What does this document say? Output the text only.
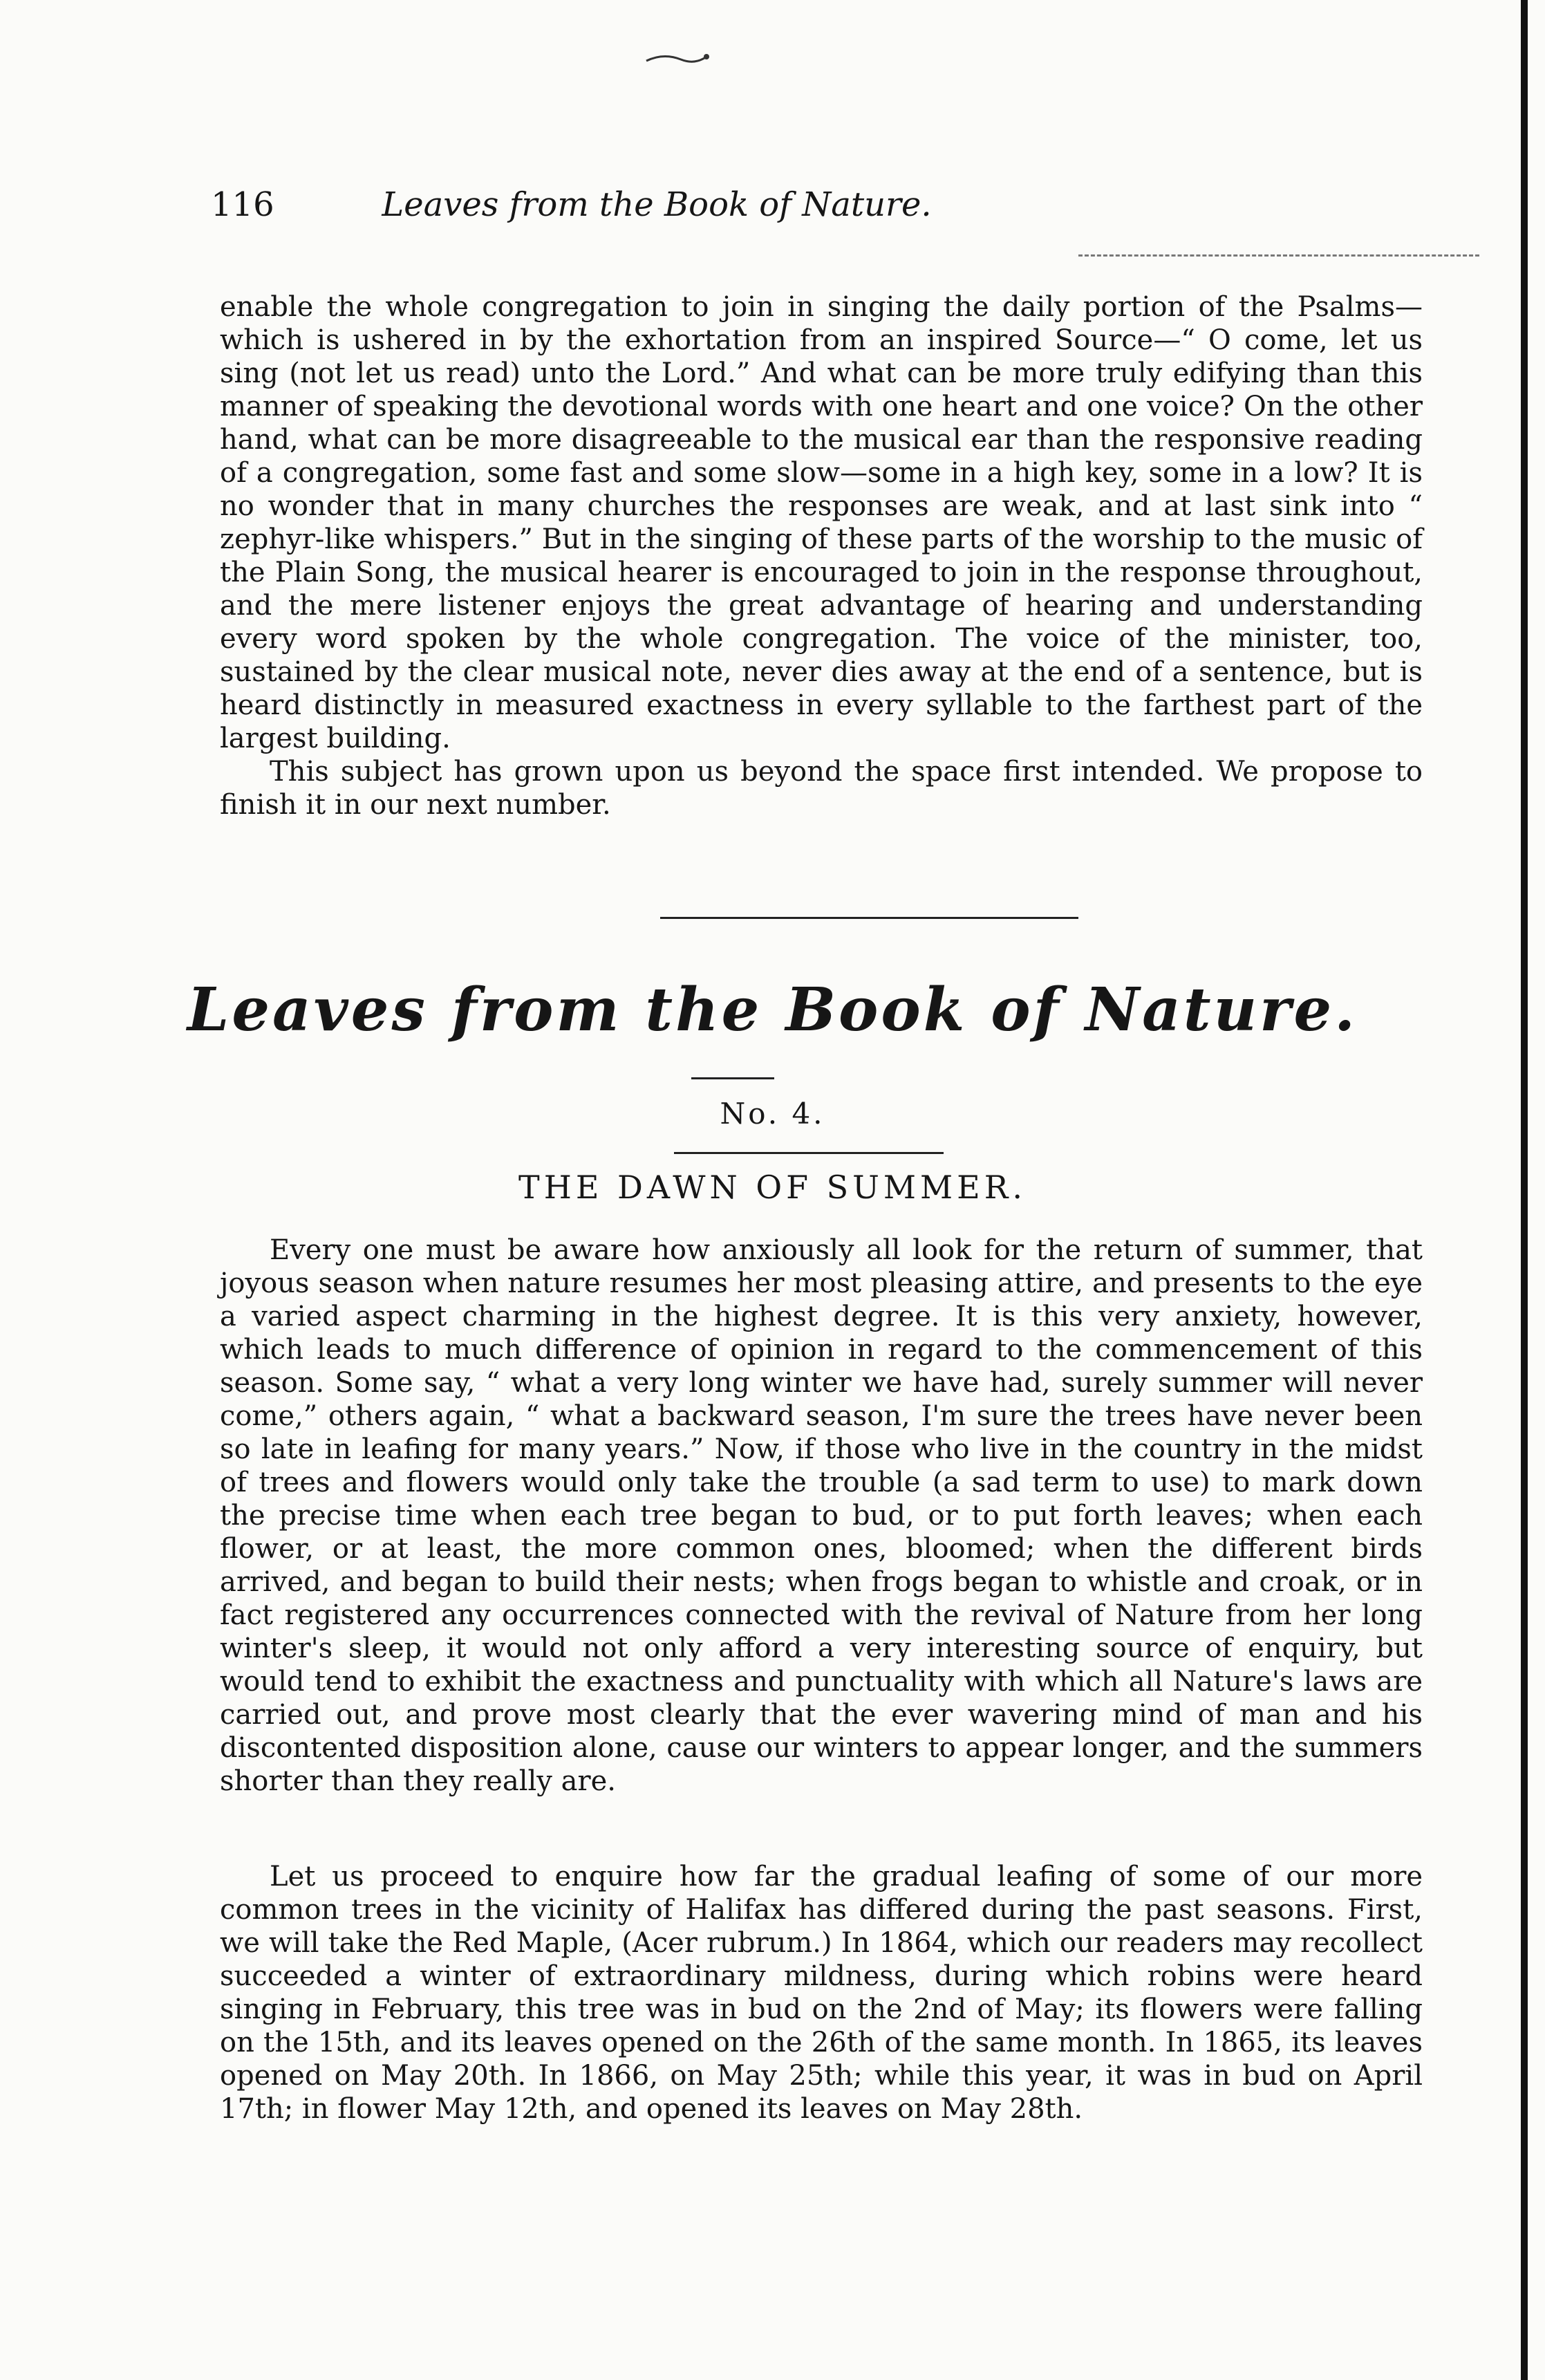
116	Leaves from the Book of Nature.

enable the whole congregation to join in singing the daily portion of the Psalms—which is ushered in by the exhortation from an inspired Source—“ O come, let us sing (not let us read) unto the Lord.” And what can be more truly edifying than this manner of speaking the devotional words with one heart and one voice? On the other hand, what can be more disagreeable to the musical ear than the responsive reading of a congregation, some fast and some slow—some in a high key, some in a low? It is no wonder that in many churches the responses are weak, and at last sink into “ zephyr-like whispers.” But in the singing of these parts of the worship to the music of the Plain Song, the musical hearer is encouraged to join in the response throughout, and the mere listener enjoys the great advantage of hearing and understanding every word spoken by the whole congregation. The voice of the minister, too, sustained by the clear musical note, never dies away at the end of a sentence, but is heard distinctly in measured exactness in every syllable to the farthest part of the largest building.

This subject has grown upon us beyond the space first intended. We propose to finish it in our next number.

Leaves from the Book of Nature.
No. 4.
THE DAWN OF SUMMER.

Every one must be aware how anxiously all look for the return of summer, that joyous season when nature resumes her most pleasing attire, and presents to the eye a varied aspect charming in the highest degree. It is this very anxiety, however, which leads to much difference of opinion in regard to the commencement of this season. Some say, “ what a very long winter we have had, surely summer will never come,” others again, “ what a backward season, I'm sure the trees have never been so late in leafing for many years.” Now, if those who live in the country in the midst of trees and flowers would only take the trouble (a sad term to use) to mark down the precise time when each tree began to bud, or to put forth leaves; when each flower, or at least, the more common ones, bloomed; when the different birds arrived, and began to build their nests; when frogs began to whistle and croak, or in fact registered any occurrences connected with the revival of Nature from her long winter's sleep, it would not only afford a very interesting source of enquiry, but would tend to exhibit the exactness and punctuality with which all Nature's laws are carried out, and prove most clearly that the ever wavering mind of man and his discontented disposition alone, cause our winters to appear longer, and the summers shorter than they really are.

Let us proceed to enquire how far the gradual leafing of some of our more common trees in the vicinity of Halifax has differed during the past seasons. First, we will take the Red Maple, (Acer rubrum.) In 1864, which our readers may recollect succeeded a winter of extraordinary mildness, during which robins were heard singing in February, this tree was in bud on the 2nd of May; its flowers were falling on the 15th, and its leaves opened on the 26th of the same month. In 1865, its leaves opened on May 20th. In 1866, on May 25th; while this year, it was in bud on April 17th; in flower May 12th, and opened its leaves on May 28th.
